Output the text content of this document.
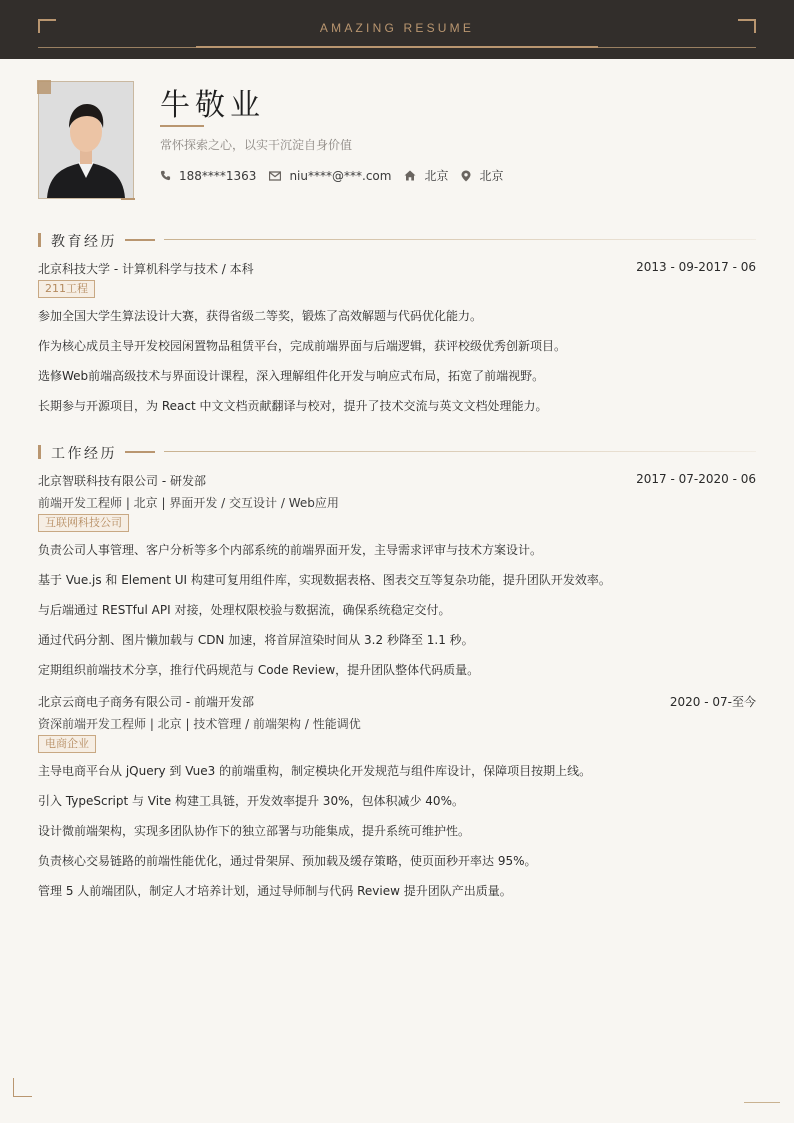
AMAZING RESUME
牛敬业
常怀探索之心，以实干沉淀自身价值
188****1363	niu****@***.com	北京	北京
教育经历
北京科技大学 - 计算机科学与技术 / 本科	2013 - 09-2017 - 06
211工程
参加全国大学生算法设计大赛，获得省级二等奖，锻炼了高效解题与代码优化能力。
作为核心成员主导开发校园闲置物品租赁平台，完成前端界面与后端逻辑，获评校级优秀创新项目。
选修Web前端高级技术与界面设计课程，深入理解组件化开发与响应式布局，拓宽了前端视野。
长期参与开源项目，为 React 中文文档贡献翻译与校对，提升了技术交流与英文文档处理能力。
工作经历
北京智联科技有限公司 - 研发部	2017 - 07-2020 - 06
前端开发工程师 | 北京 | 界面开发 / 交互设计 / Web应用
互联网科技公司
负责公司人事管理、客户分析等多个内部系统的前端界面开发，主导需求评审与技术方案设计。
基于 Vue.js 和 Element UI 构建可复用组件库，实现数据表格、图表交互等复杂功能，提升团队开发效率。
与后端通过 RESTful API 对接，处理权限校验与数据流，确保系统稳定交付。
通过代码分割、图片懒加载与 CDN 加速，将首屏渲染时间从 3.2 秒降至 1.1 秒。
定期组织前端技术分享，推行代码规范与 Code Review，提升团队整体代码质量。
北京云商电子商务有限公司 - 前端开发部	2020 - 07-至今
资深前端开发工程师 | 北京 | 技术管理 / 前端架构 / 性能调优
电商企业
主导电商平台从 jQuery 到 Vue3 的前端重构，制定模块化开发规范与组件库设计，保障项目按期上线。
引入 TypeScript 与 Vite 构建工具链，开发效率提升 30%，包体积减少 40%。
设计微前端架构，实现多团队协作下的独立部署与功能集成，提升系统可维护性。
负责核心交易链路的前端性能优化，通过骨架屏、预加载及缓存策略，使页面秒开率达 95%。
管理 5 人前端团队，制定人才培养计划，通过导师制与代码 Review 提升团队产出质量。
